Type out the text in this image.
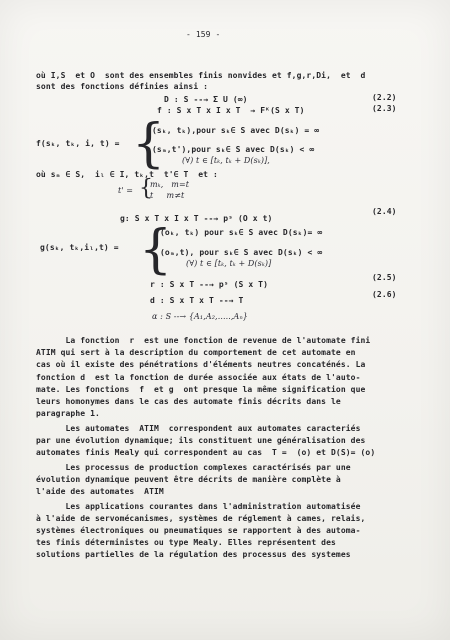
- 159 -
où I,S  et O  sont des ensembles finis nonvides et f,g,r,Di,  et  d
sont des fonctions définies ainsi :
D : S --→ Σ U (∞)	(2.2)
f : S x T x I x T  → Fᴷ(S x T)	(2.3)
f(sₖ, tₖ, i, t) = {
(sₖ, tₖ),pour sₖ∈ S avec D(sₖ) = ∞
(sₘ,t'),pour sₖ∈ S avec D(sₖ) < ∞
(∀) t ∈ [tₖ, tₖ + D(sₖ)],
où sₘ ∈ S,  iₗ ∈ I, tₖ,t  t'∈ T  et :
t' = {
mₖ,   m=t
t     m≠t
g: S x T x I x T --→ pˢ (O x t)
(2.4)
g(sₖ, tₖ,iₗ,t) = {
(oₖ, tₖ) pour sₖ∈ S avec D(sₖ)= ∞
(oₘ,t), pour sₖ∈ S avec D(sₖ) < ∞
(∀) t ∈ [tₖ, tₖ + D(sₖ)]
r : S x T --→ pˢ (S x T)
(2.5)
d : S x T x T --→ T
(2.6)
α : S --→ {A₁,A₂,.....,Aₙ}
La fonction  r  est une fonction de revenue de l'automate fini
ATIM qui sert à la description du comportement de cet automate en
cas où il existe des pénétrations d'éléments neutres concaténés. La
fonction d  est la fonction de durée associée aux états de l'auto-
mate. Les fonctions  f  et g  ont presque la même signification que
leurs homonymes dans le cas des automate finis décrits dans le
paragraphe 1.
Les automates  ATIM  correspondent aux automates caracteriés
par une évolution dynamique; ils constituent une généralisation des
automates finis Mealy qui correspondent au cas  T =  (o) et D(S)= (o)
Les processus de production complexes caractérisés par une
évolution dynamique peuvent être décrits de manière complète à
l'aide des automates  ATIM
Les applications courantes dans l'administration automatisée
à l'aide de servomécanismes, systèmes de réglement à cames, relais,
systèmes électroniques ou pneumatiques se rapportent à des automa-
tes finis déterministes ou type Mealy. Elles représentent des
solutions partielles de la régulation des processus des systemes
